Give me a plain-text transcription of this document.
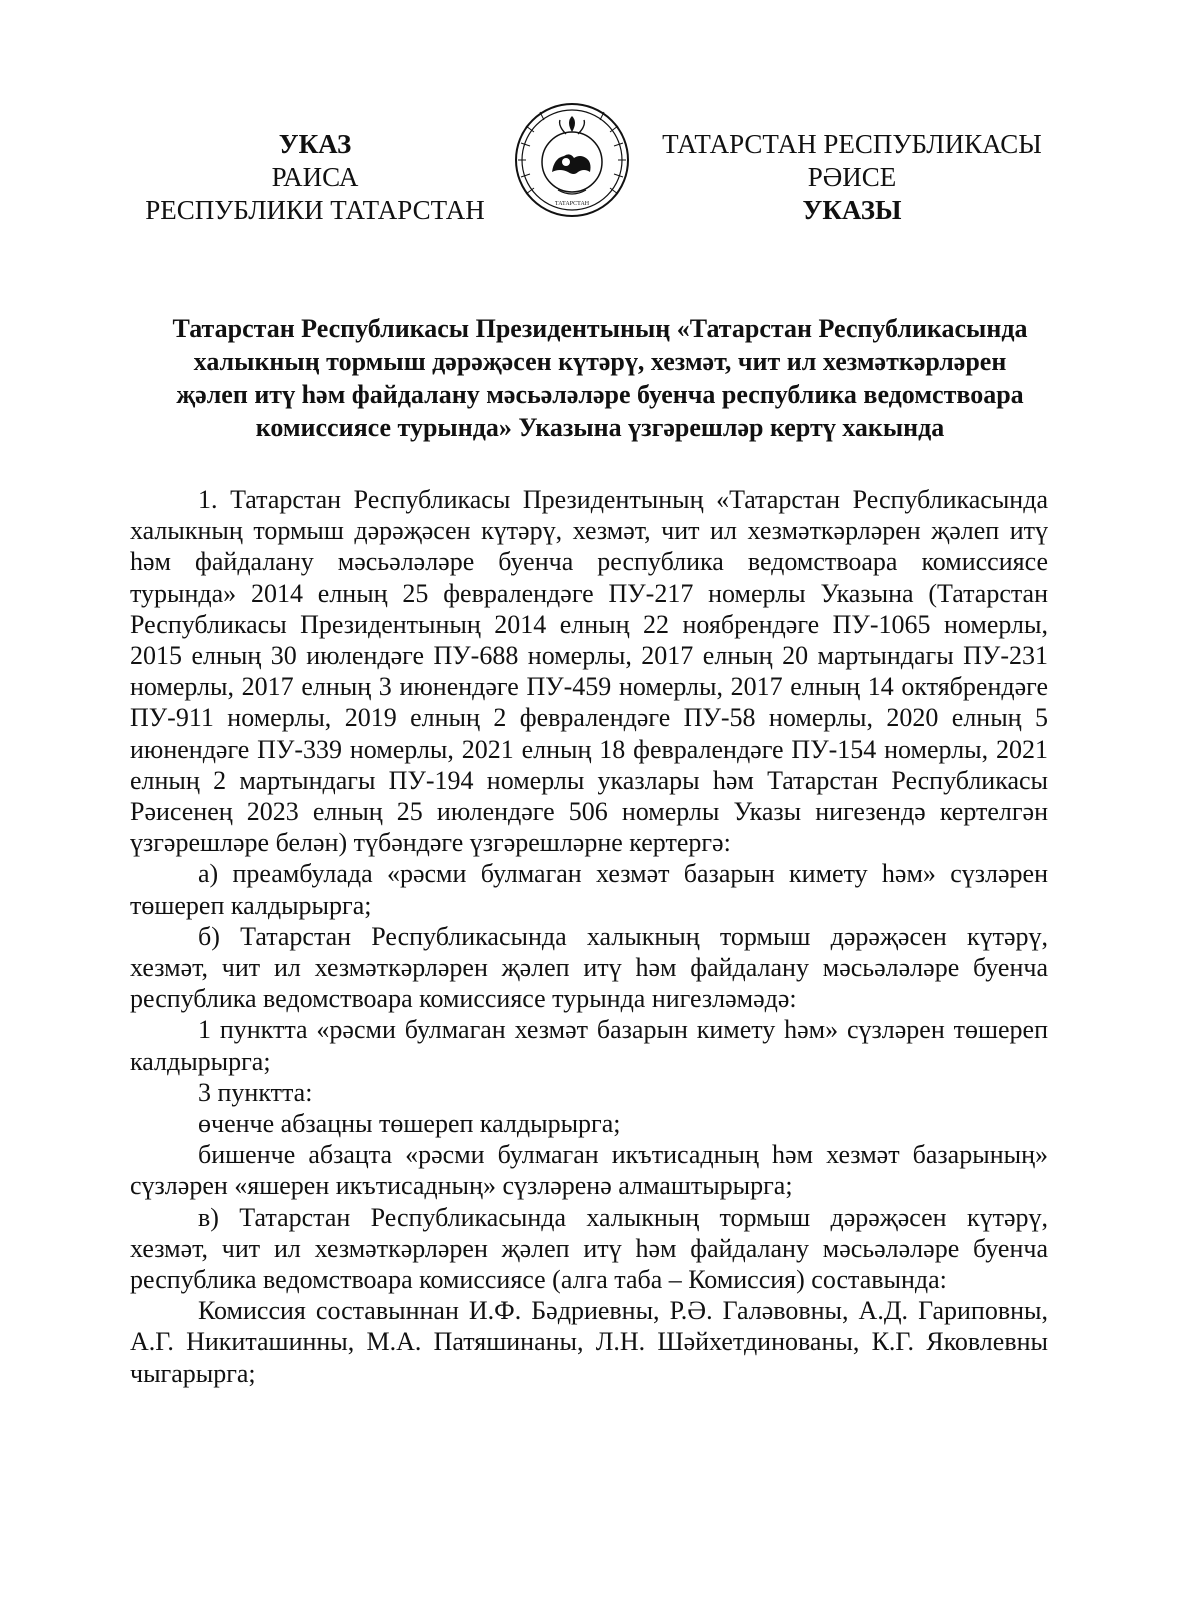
УКАЗ
РАИСА
РЕСПУБЛИКИ ТАТАРСТАН
ТАТАРСТАН РЕСПУБЛИКАСЫ
РӘИСЕ
УКАЗЫ
ТАТАРСТАН
Татарстан Республикасы Президентының «Татарстан Республикасында
халыкның тормыш дәрәҗәсен күтәрү, хезмәт, чит ил хезмәткәрләрен
җәлеп итү һәм файдалану мәсьәләләре буенча республика ведомствоара
комиссиясе турында» Указына үзгәрешләр кертү хакында

1. Татарстан Республикасы Президентының «Татарстан Республикасында халыкның тормыш дәрәҗәсен күтәрү, хезмәт, чит ил хезмәткәрләрен җәлеп итү һәм файдалану мәсьәләләре буенча республика ведомствоара комиссиясе турында» 2014 елның 25 февралендәге ПУ-217 номерлы Указына (Татарстан Республикасы Президентының 2014 елның 22 ноябрендәге ПУ-1065 номерлы, 2015 елның 30 июлендәге ПУ-688 номерлы, 2017 елның 20 мартындагы ПУ-231 номерлы, 2017 елның 3 июнендәге ПУ-459 номерлы, 2017 елның 14 октябрендәге ПУ-911 номерлы, 2019 елның 2 февралендәге ПУ-58 номерлы, 2020 елның 5 июнендәге ПУ-339 номерлы, 2021 елның 18 февралендәге ПУ-154 номерлы, 2021 елның 2 мартындагы ПУ-194 номерлы указлары һәм Татарстан Республикасы Рәисенең 2023 елның 25 июлендәге 506 номерлы Указы нигезендә кертелгән үзгәрешләре белән) түбәндәге үзгәрешләрне кертергә:

а) преамбулада «рәсми булмаган хезмәт базарын кимету һәм» сүзләрен төшереп калдырырга;

б) Татарстан Республикасында халыкның тормыш дәрәҗәсен күтәрү, хезмәт, чит ил хезмәткәрләрен җәлеп итү һәм файдалану мәсьәләләре буенча республика ведомствоара комиссиясе турында нигезләмәдә:

1 пунктта «рәсми булмаган хезмәт базарын кимету һәм» сүзләрен төшереп калдырырга;

3 пунктта:

өченче абзацны төшереп калдырырга;

бишенче абзацта «рәсми булмаган икътисадның һәм хезмәт базарының» сүзләрен «яшерен икътисадның» сүзләренә алмаштырырга;

в) Татарстан Республикасында халыкның тормыш дәрәҗәсен күтәрү, хезмәт, чит ил хезмәткәрләрен җәлеп итү һәм файдалану мәсьәләләре буенча республика ведомствоара комиссиясе (алга таба – Комиссия) составында:

Комиссия составыннан И.Ф. Бәдриевны, Р.Ә. Галәвовны, А.Д. Гариповны, А.Г. Никиташинны, М.А. Патяшинаны, Л.Н. Шәйхетдинованы, К.Г. Яковлевны чыгарырга;
